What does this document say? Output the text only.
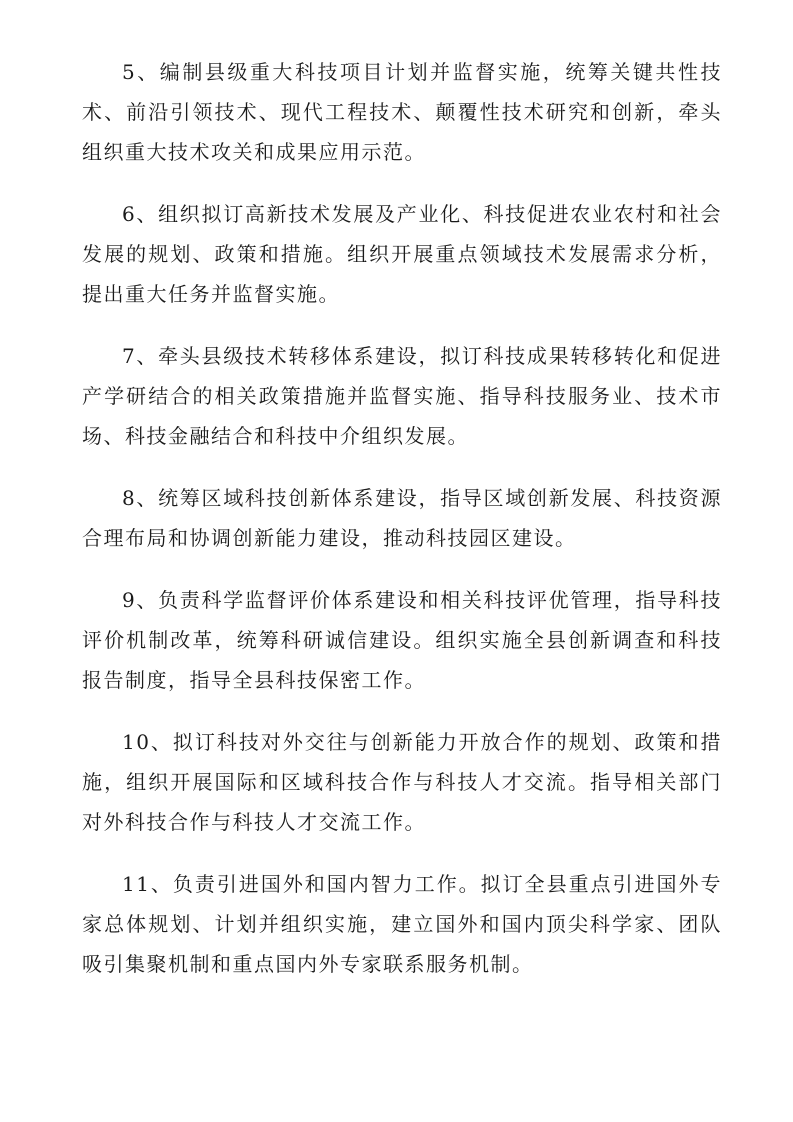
5、编制县级重大科技项目计划并监督实施，统筹关键共性技术、前沿引领技术、现代工程技术、颠覆性技术研究和创新，牵头组织重大技术攻关和成果应用示范。

6、组织拟订高新技术发展及产业化、科技促进农业农村和社会发展的规划、政策和措施。组织开展重点领域技术发展需求分析，提出重大任务并监督实施。

7、牵头县级技术转移体系建设，拟订科技成果转移转化和促进产学研结合的相关政策措施并监督实施、指导科技服务业、技术市场、科技金融结合和科技中介组织发展。

8、统筹区域科技创新体系建设，指导区域创新发展、科技资源合理布局和协调创新能力建设，推动科技园区建设。

9、负责科学监督评价体系建设和相关科技评优管理，指导科技评价机制改革，统筹科研诚信建设。组织实施全县创新调查和科技报告制度，指导全县科技保密工作。

10、拟订科技对外交往与创新能力开放合作的规划、政策和措施，组织开展国际和区域科技合作与科技人才交流。指导相关部门对外科技合作与科技人才交流工作。

11、负责引进国外和国内智力工作。拟订全县重点引进国外专家总体规划、计划并组织实施，建立国外和国内顶尖科学家、团队吸引集聚机制和重点国内外专家联系服务机制。
